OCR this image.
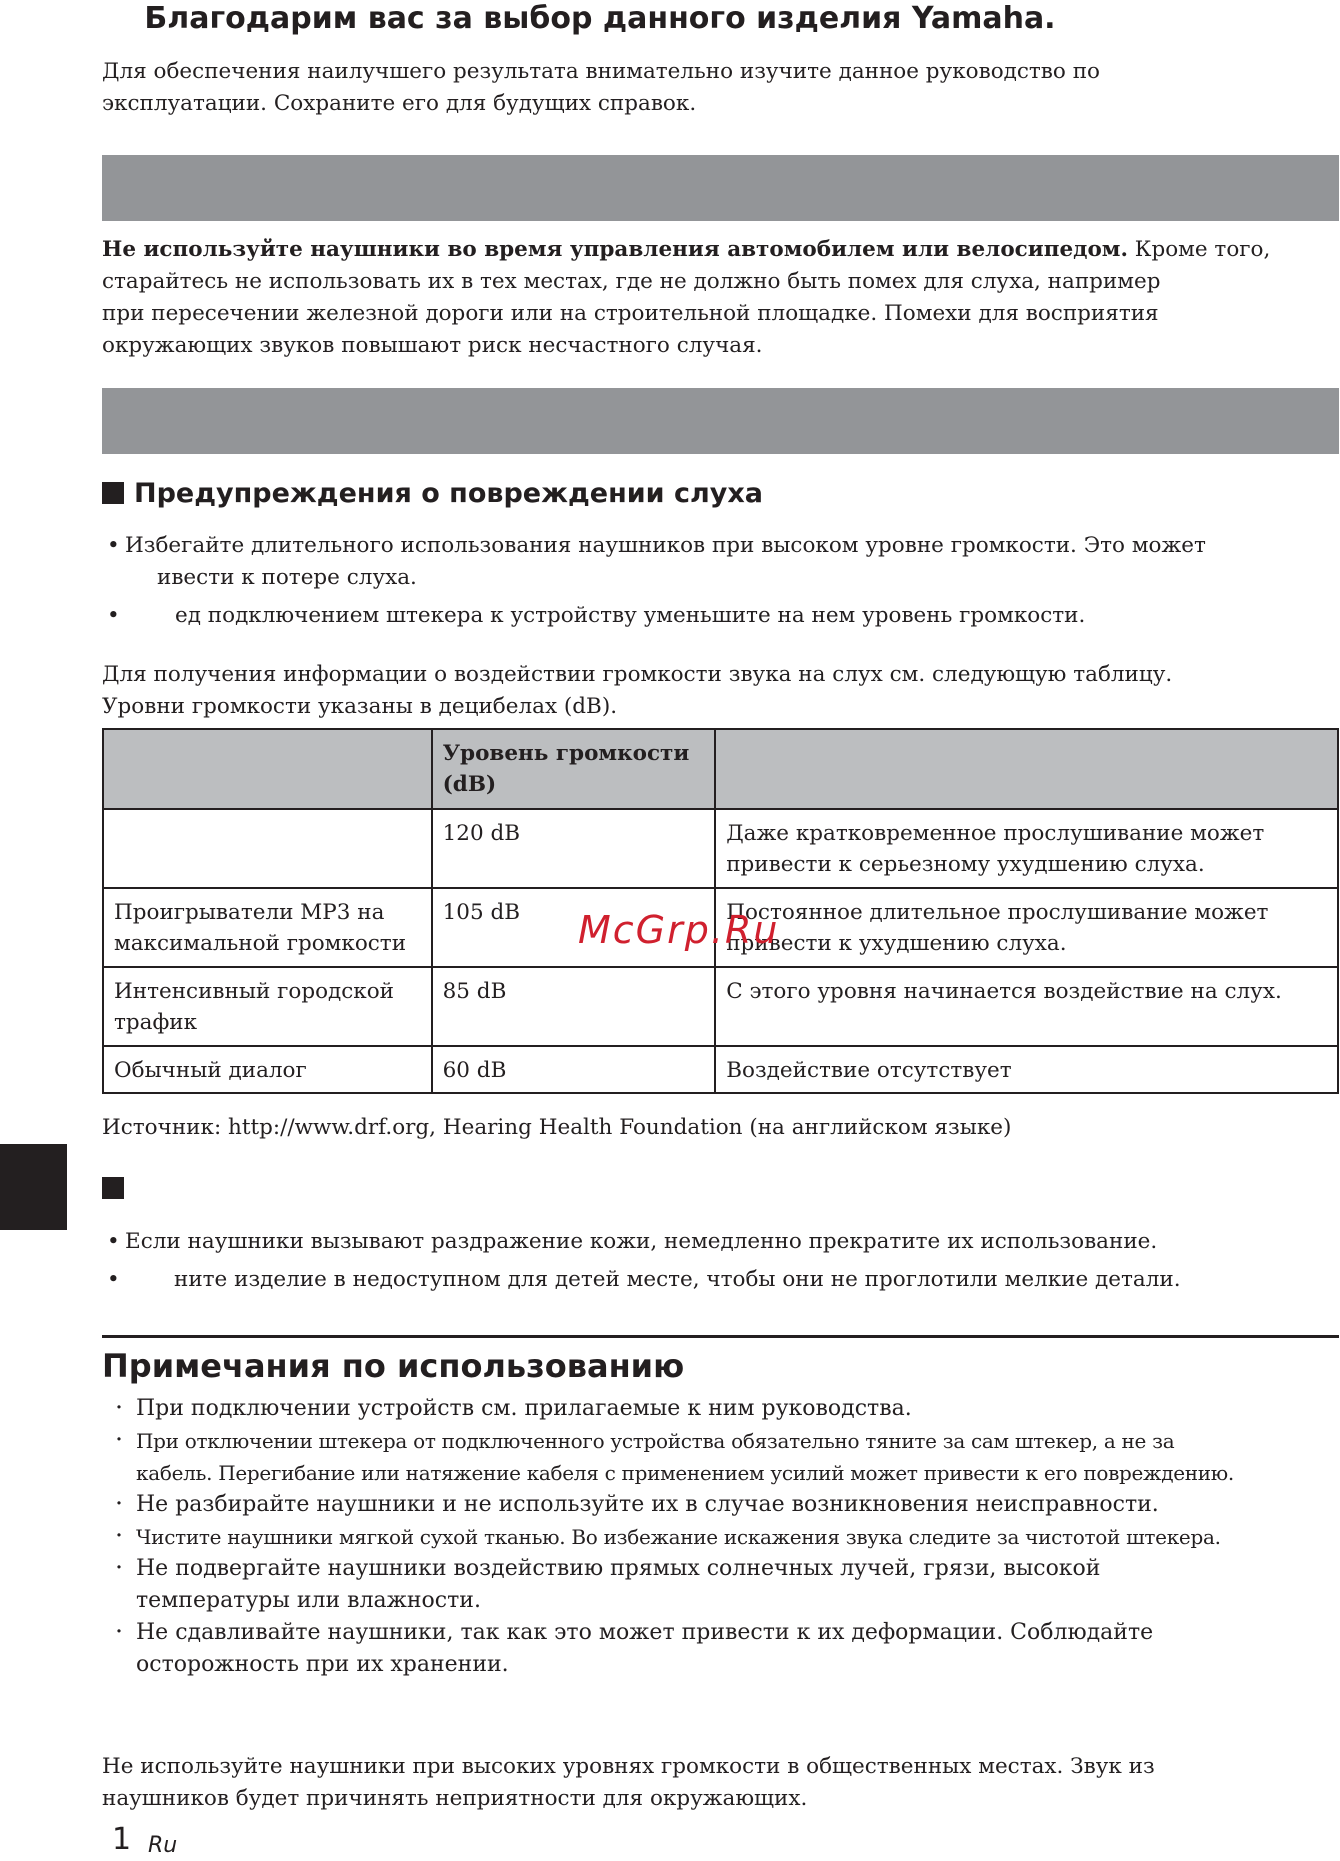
Благодарим вас за выбор данного изделия Yamaha.
Для обеспечения наилучшего результата внимательно изучите данное руководство по
эксплуатации. Сохраните его для будущих справок.
Не используйте наушники во время управления автомобилем или велосипедом. Кроме того,
старайтесь не использовать их в тех местах, где не должно быть помех для слуха, например
при пересечении железной дороги или на строительной площадке. Помехи для восприятия
окружающих звуков повышают риск несчастного случая.
Предупреждения о повреждении слуха
• Избегайте длительного использования наушников при высоком уровне громкости. Это может
ивести к потере слуха.
•	ед подключением штекера к устройству уменьшите на нем уровень громкости.
Для получения информации о воздействии громкости звука на слух см. следующую таблицу.
Уровни громкости указаны в децибелах (dB).
	Уровень громкости (dB)	
	120 dB	Даже кратковременное прослушивание может привести к серьезному ухудшению слуха.
Проигрыватели MP3 на максимальной громкости	105 dB	Постоянное длительное прослушивание может привести к ухудшению слуха.
Интенсивный городской трафик	85 dB	С этого уровня начинается воздействие на слух.
Обычный диалог	60 dB	Воздействие отсутствует
McGrp.Ru
Источник: http://www.drf.org, Hearing Health Foundation (на английском языке)
• Если наушники вызывают раздражение кожи, немедленно прекратите их использование.
•	ните изделие в недоступном для детей месте, чтобы они не проглотили мелкие детали.
Примечания по использованию
・ При подключении устройств см. прилагаемые к ним руководства.
・ При отключении штекера от подключенного устройства обязательно тяните за сам штекер, а не за
кабель. Перегибание или натяжение кабеля с применением усилий может привести к его повреждению.
・ Не разбирайте наушники и не используйте их в случае возникновения неисправности.
・ Чистите наушники мягкой сухой тканью. Во избежание искажения звука следите за чистотой штекера.
・ Не подвергайте наушники воздействию прямых солнечных лучей, грязи, высокой
температуры или влажности.
・ Не сдавливайте наушники, так как это может привести к их деформации. Соблюдайте
осторожность при их хранении.
Не используйте наушники при высоких уровнях громкости в общественных местах. Звук из
наушников будет причинять неприятности для окружающих.
1 Ru
